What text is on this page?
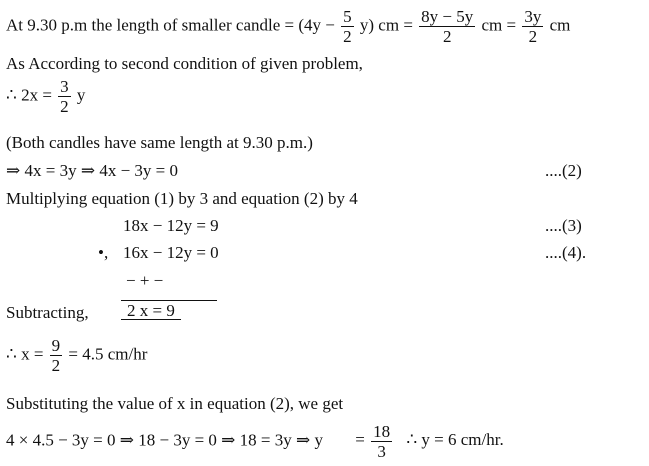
At 9.30 p.m the length of smaller candle = $(4y - \frac{5}{2} y)$ cm = $\frac{8y - 5y}{2}$ cm = $\frac{3y}{2}$ cm
As According to second condition of given problem,
∴ $2x = \frac{3}{2}$ y
(Both candles have same length at 9.30 p.m.)
⇒ 4x = 3y ⇒ 4x − 3y = 0	....(2)
Multiplying equation (1) by 3 and equation (2) by 4
18x − 12y = 9	....(3)
•, 16x − 12y = 0	....(4).
− + −
Subtracting,	2 x = 9
∴ $x = \frac{9}{2} = 4.5$ cm/hr
Substituting the value of x in equation (2), we get
4 × 4.5 − 3y = 0 ⇒ 18 − 3y = 0 ⇒ 18 = 3y ⇒ $y = \frac{18}{3}$ ∴ y = 6 cm/hr.
